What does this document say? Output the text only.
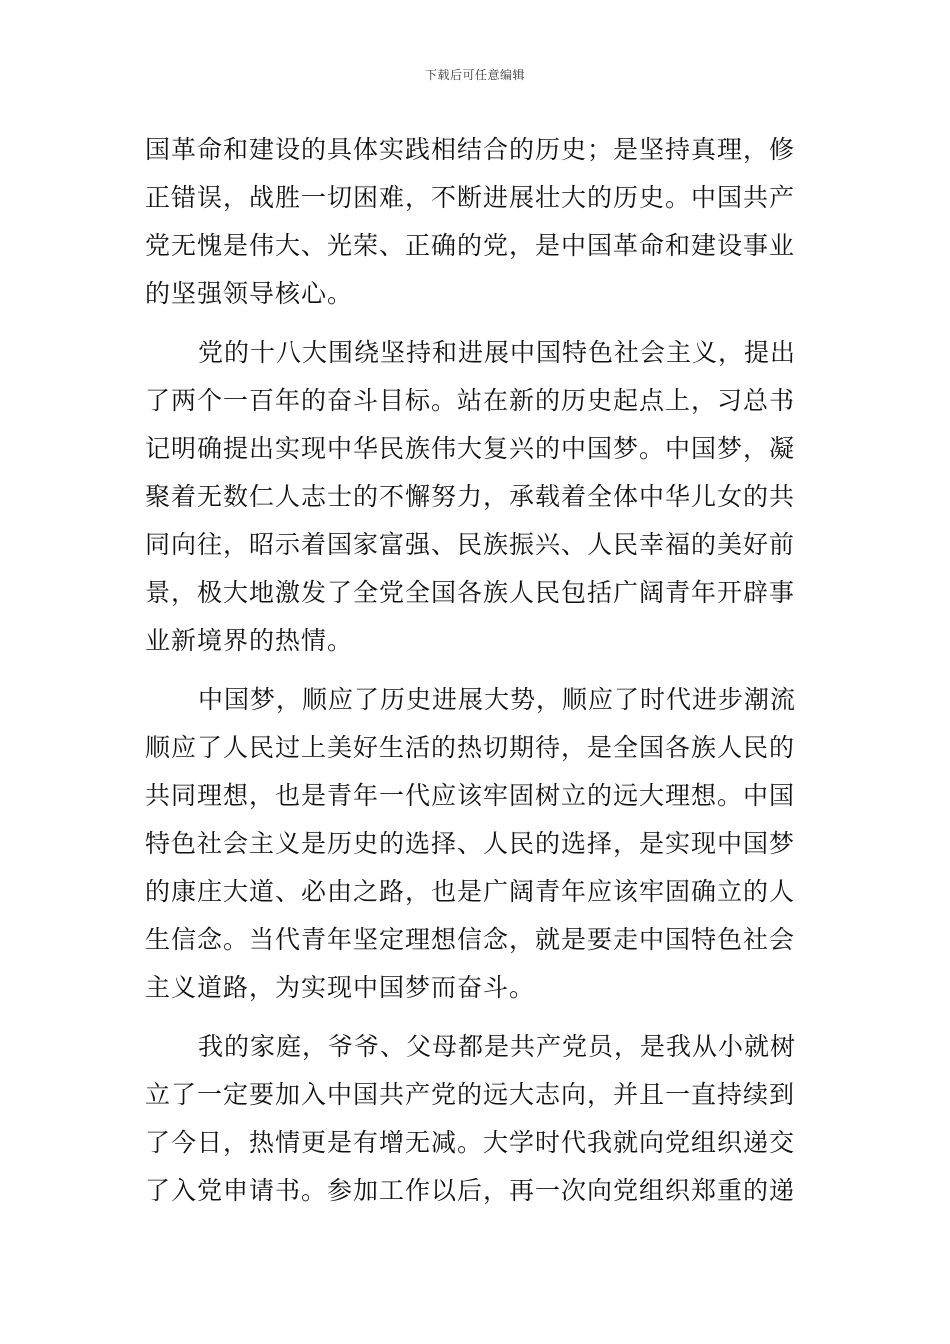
下载后可任意编辑
国革命和建设的具体实践相结合的历史；是坚持真理，修
正错误，战胜一切困难，不断进展壮大的历史。中国共产
党无愧是伟大、光荣、正确的党，是中国革命和建设事业
的坚强领导核心。
党的十八大围绕坚持和进展中国特色社会主义，提出
了两个一百年的奋斗目标。站在新的历史起点上，习总书
记明确提出实现中华民族伟大复兴的中国梦。中国梦，凝
聚着无数仁人志士的不懈努力，承载着全体中华儿女的共
同向往，昭示着国家富强、民族振兴、人民幸福的美好前
景，极大地激发了全党全国各族人民包括广阔青年开辟事
业新境界的热情。
中国梦，顺应了历史进展大势，顺应了时代进步潮流
顺应了人民过上美好生活的热切期待，是全国各族人民的
共同理想，也是青年一代应该牢固树立的远大理想。中国
特色社会主义是历史的选择、人民的选择，是实现中国梦
的康庄大道、必由之路，也是广阔青年应该牢固确立的人
生信念。当代青年坚定理想信念，就是要走中国特色社会
主义道路，为实现中国梦而奋斗。
我的家庭，爷爷、父母都是共产党员，是我从小就树
立了一定要加入中国共产党的远大志向，并且一直持续到
了今日，热情更是有增无减。大学时代我就向党组织递交
了入党申请书。参加工作以后，再一次向党组织郑重的递
